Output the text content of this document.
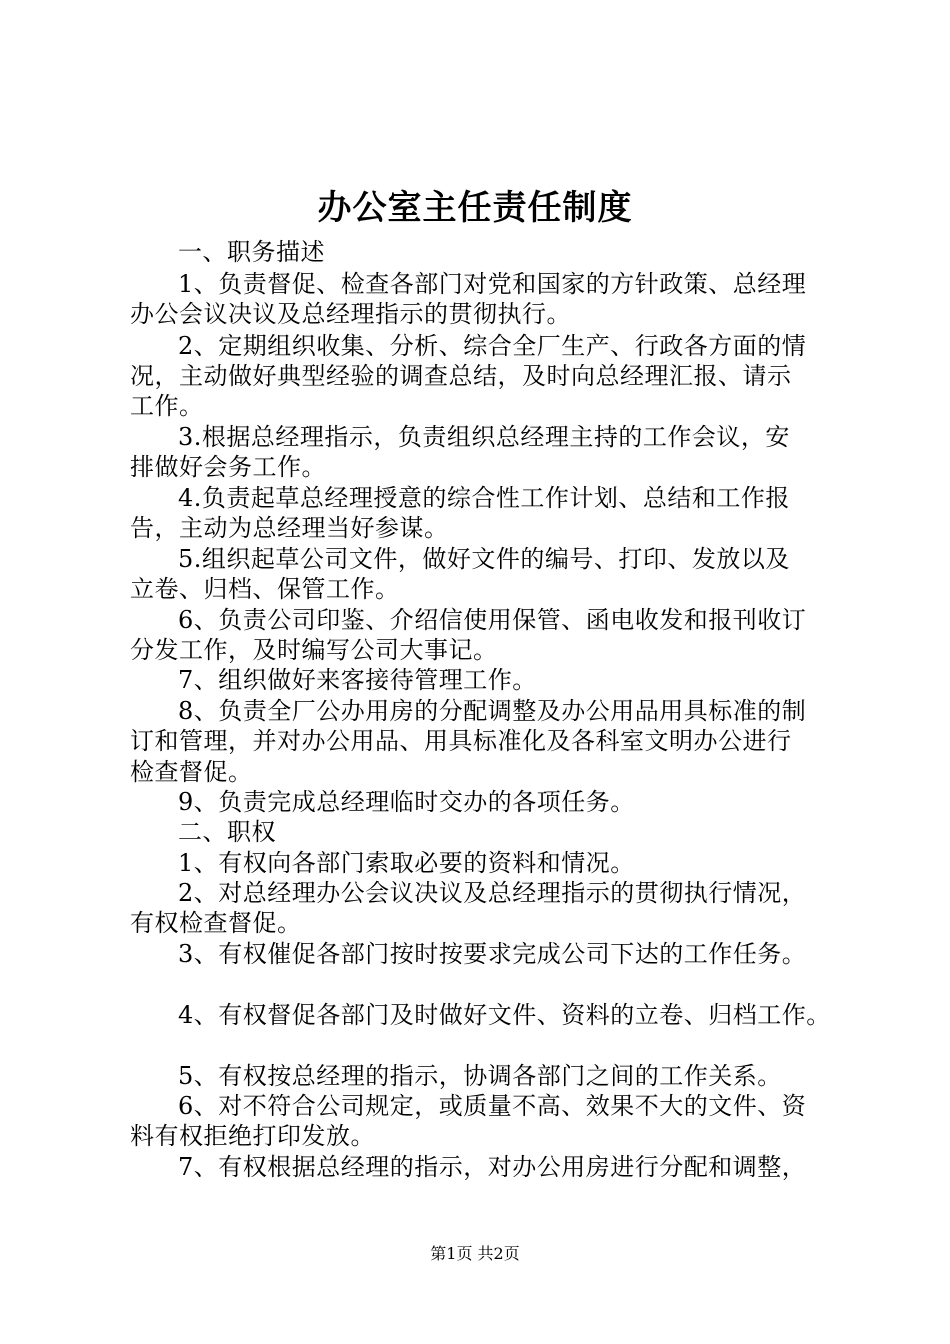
办公室主任责任制度
一、职务描述
1、负责督促、检查各部门对党和国家的方针政策、总经理
办公会议决议及总经理指示的贯彻执行。
2、定期组织收集、分析、综合全厂生产、行政各方面的情
况，主动做好典型经验的调查总结，及时向总经理汇报、请示
工作。
3.根据总经理指示，负责组织总经理主持的工作会议，安
排做好会务工作。
4.负责起草总经理授意的综合性工作计划、总结和工作报
告，主动为总经理当好参谋。
5.组织起草公司文件，做好文件的编号、打印、发放以及
立卷、归档、保管工作。
6、负责公司印鉴、介绍信使用保管、函电收发和报刊收订
分发工作，及时编写公司大事记。
7、组织做好来客接待管理工作。
8、负责全厂公办用房的分配调整及办公用品用具标准的制
订和管理，并对办公用品、用具标准化及各科室文明办公进行
检查督促。
9、负责完成总经理临时交办的各项任务。
二、职权
1、有权向各部门索取必要的资料和情况。
2、对总经理办公会议决议及总经理指示的贯彻执行情况，
有权检查督促。
3、有权催促各部门按时按要求完成公司下达的工作任务。
4、有权督促各部门及时做好文件、资料的立卷、归档工作。
5、有权按总经理的指示，协调各部门之间的工作关系。
6、对不符合公司规定，或质量不高、效果不大的文件、资
料有权拒绝打印发放。
7、有权根据总经理的指示，对办公用房进行分配和调整，
第1页 共2页
